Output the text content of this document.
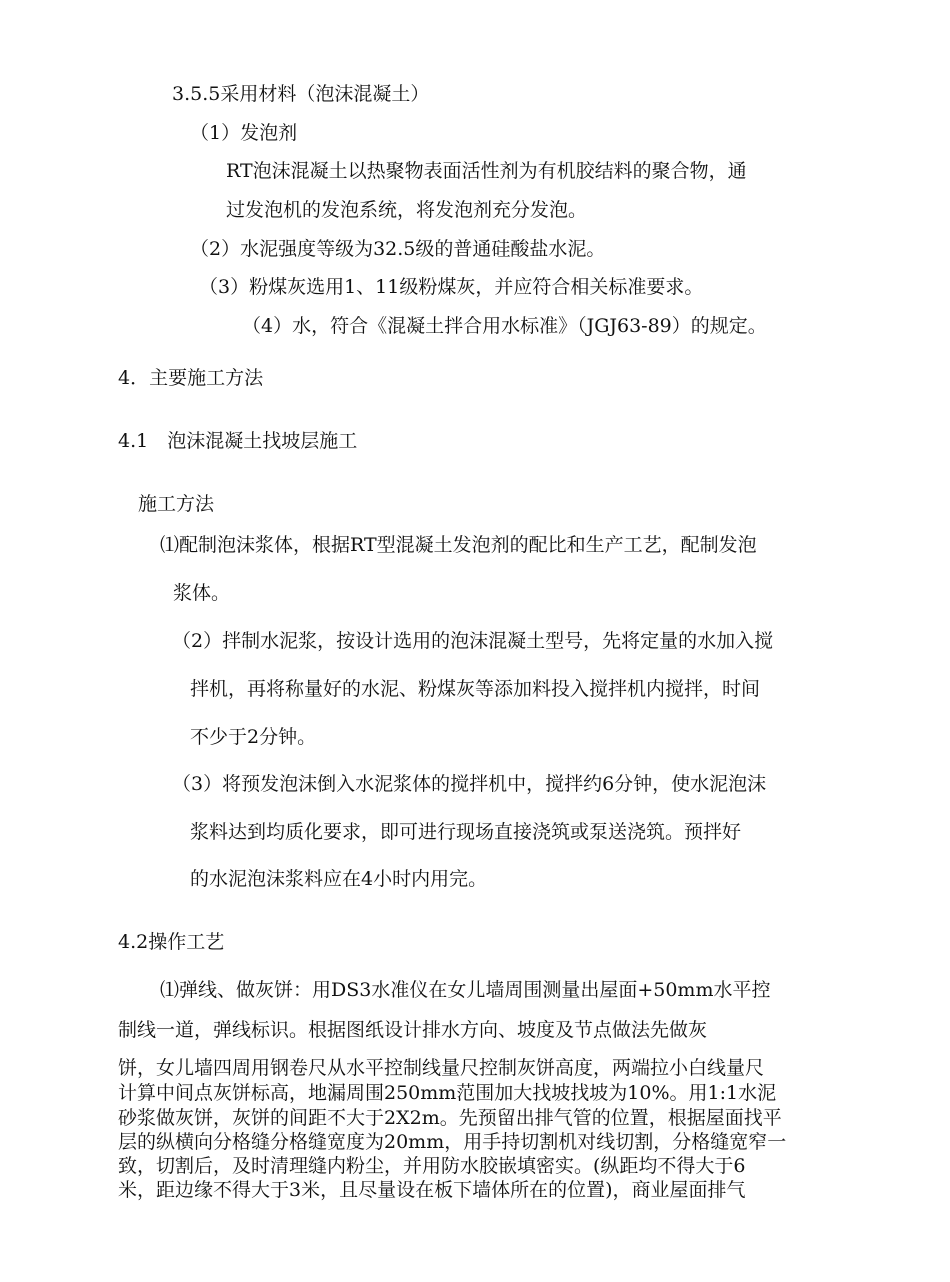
3.5.5采用材料（泡沫混凝土）
（1）发泡剂
RT泡沫混凝土以热聚物表面活性剂为有机胶结料的聚合物，通
过发泡机的发泡系统，将发泡剂充分发泡。
（2）水泥强度等级为32.5级的普通硅酸盐水泥。
（3）粉煤灰选用1、11级粉煤灰，并应符合相关标准要求。
（4）水，符合《混凝土拌合用水标准》（JGJ63-89）的规定。
4．主要施工方法
4.1　泡沫混凝土找坡层施工
施工方法
⑴配制泡沫浆体，根据RT型混凝土发泡剂的配比和生产工艺，配制发泡
浆体。
（2）拌制水泥浆，按设计选用的泡沫混凝土型号，先将定量的水加入搅
拌机，再将称量好的水泥、粉煤灰等添加料投入搅拌机内搅拌，时间
不少于2分钟。
（3）将预发泡沫倒入水泥浆体的搅拌机中，搅拌约6分钟，使水泥泡沫
浆料达到均质化要求，即可进行现场直接浇筑或泵送浇筑。预拌好
的水泥泡沫浆料应在4小时内用完。
4.2操作工艺
⑴弹线、做灰饼：用DS3水准仪在女儿墙周围测量出屋面+50mm水平控
制线一道，弹线标识。根据图纸设计排水方向、坡度及节点做法先做灰
饼，女儿墙四周用钢卷尺从水平控制线量尺控制灰饼高度，两端拉小白线量尺
计算中间点灰饼标高，地漏周围250mm范围加大找坡找坡为10%。用1:1水泥
砂浆做灰饼，灰饼的间距不大于2X2m。先预留出排气管的位置，根据屋面找平
层的纵横向分格缝分格缝宽度为20mm，用手持切割机对线切割，分格缝宽窄一
致，切割后，及时清理缝内粉尘，并用防水胶嵌填密实。(纵距均不得大于6
米，距边缘不得大于3米，且尽量设在板下墙体所在的位置)，商业屋面排气
